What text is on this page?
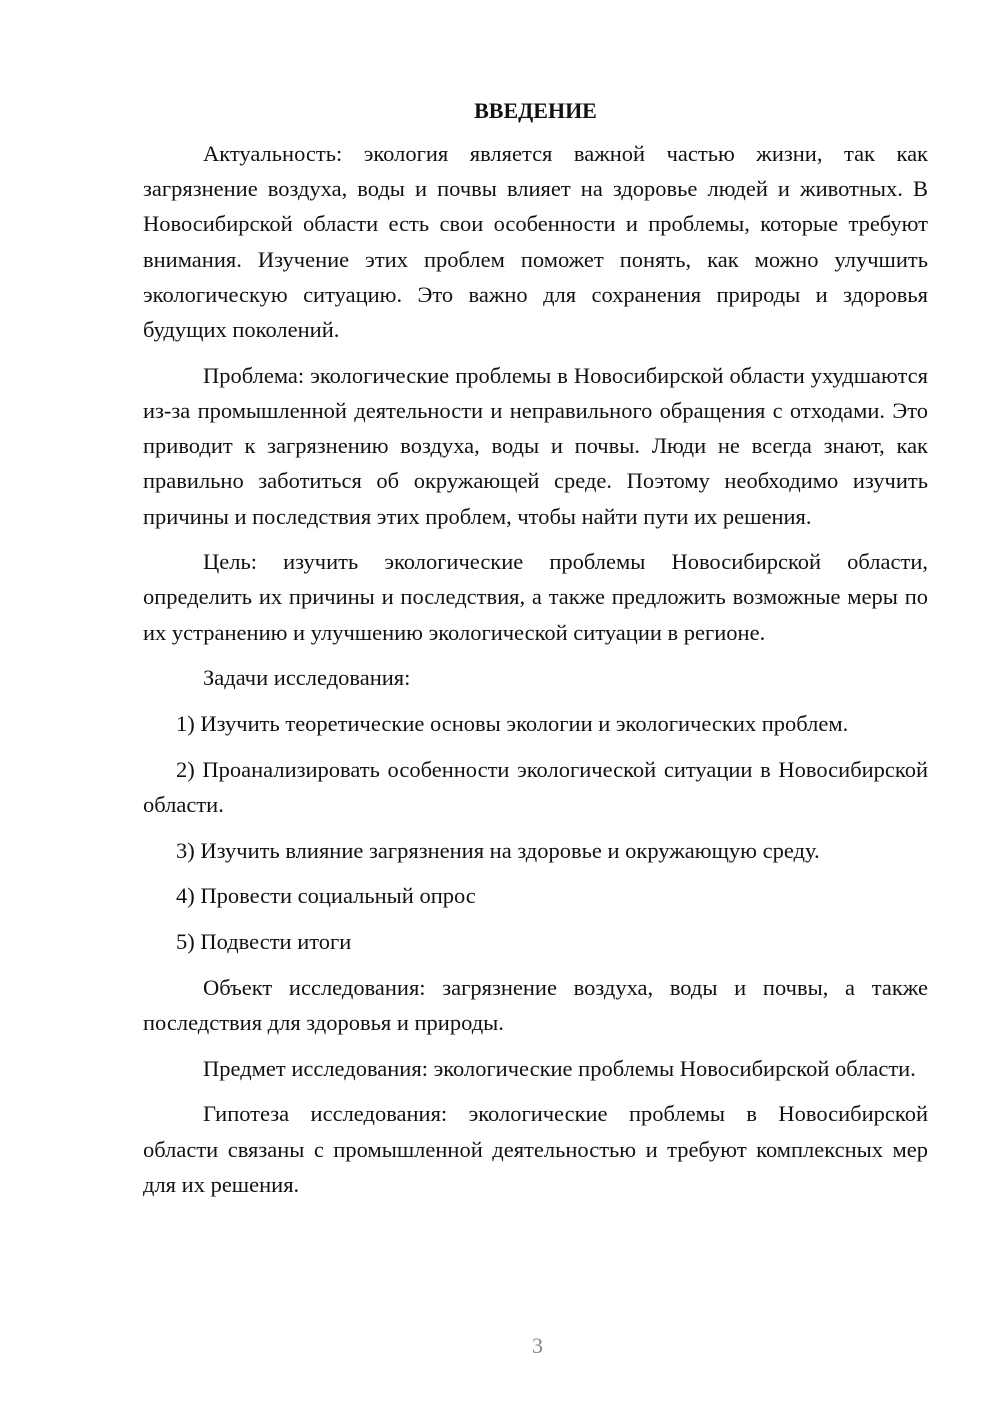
ВВЕДЕНИЕ

Актуальность: экология является важной частью жизни, так как загрязнение воздуха, воды и почвы влияет на здоровье людей и животных. В Новосибирской области есть свои особенности и проблемы, которые требуют внимания. Изучение этих проблем поможет понять, как можно улучшить экологическую ситуацию. Это важно для сохранения природы и здоровья будущих поколений.

Проблема: экологические проблемы в Новосибирской области ухудшаются из-за промышленной деятельности и неправильного обращения с отходами. Это приводит к загрязнению воздуха, воды и почвы. Люди не всегда знают, как правильно заботиться об окружающей среде. Поэтому необходимо изучить причины и последствия этих проблем, чтобы найти пути их решения.

Цель: изучить экологические проблемы Новосибирской области, определить их причины и последствия, а также предложить возможные меры по их устранению и улучшению экологической ситуации в регионе.

Задачи исследования:

1) Изучить теоретические основы экологии и экологических проблем.

2) Проанализировать особенности экологической ситуации в Новосибирской области.

3) Изучить влияние загрязнения на здоровье и окружающую среду.

4) Провести социальный опрос

5) Подвести итоги

Объект исследования: загрязнение воздуха, воды и почвы, а также последствия для здоровья и природы.

Предмет исследования: экологические проблемы Новосибирской области.

Гипотеза исследования: экологические проблемы в Новосибирской области связаны с промышленной деятельностью и требуют комплексных мер для их решения.

3
